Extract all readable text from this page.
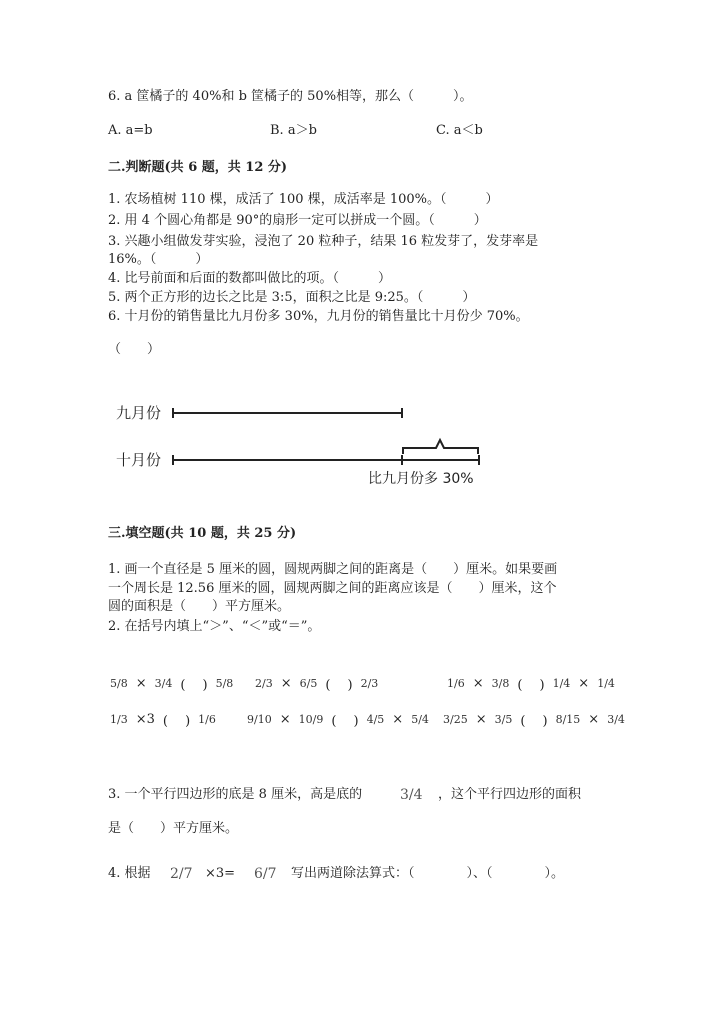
6. a 筐橘子的 40%和 b 筐橘子的 50%相等，那么（　　　）。
A. a=b	B. a＞b	C. a＜b
二.判断题(共 6 题，共 12 分)
1. 农场植树 110 棵，成活了 100 棵，成活率是 100%。（　　　）
2. 用 4 个圆心角都是 90°的扇形一定可以拼成一个圆。（　　　）
3. 兴趣小组做发芽实验，浸泡了 20 粒种子，结果 16 粒发芽了，发芽率是
16%。（　　　）
4. 比号前面和后面的数都叫做比的项。（　　　）
5. 两个正方形的边长之比是 3:5，面积之比是 9:25。（　　　）
6. 十月份的销售量比九月份多 30%，九月份的销售量比十月份少 70%。
（　　）
九月份
十月份
比九月份多 30%
三.填空题(共 10 题，共 25 分)
1. 画一个直径是 5 厘米的圆，圆规两脚之间的距离是（　　）厘米。如果要画
一个周长是 12.56 厘米的圆，圆规两脚之间的距离应该是（　　）厘米，这个
圆的面积是（　　）平方厘米。
2. 在括号内填上“＞”、“＜”或“＝”。
5/8 × 3/4 (　 ) 5/8 2/3 × 6/5 (　 ) 2/3	1/6 × 3/8 (　 ) 1/4 × 1/4
1/3 ×3 (　 ) 1/6	9/10 × 10/9 (　 ) 4/5 × 5/4 3/25 × 3/5 (　 ) 8/15 × 3/4
3. 一个平行四边形的底是 8 厘米，高是底的	3/4 ，这个平行四边形的面积
是（　　）平方厘米。
4. 根据 2/7 ×3= 6/7 写出两道除法算式：（　　　　）、（　　　　）。
